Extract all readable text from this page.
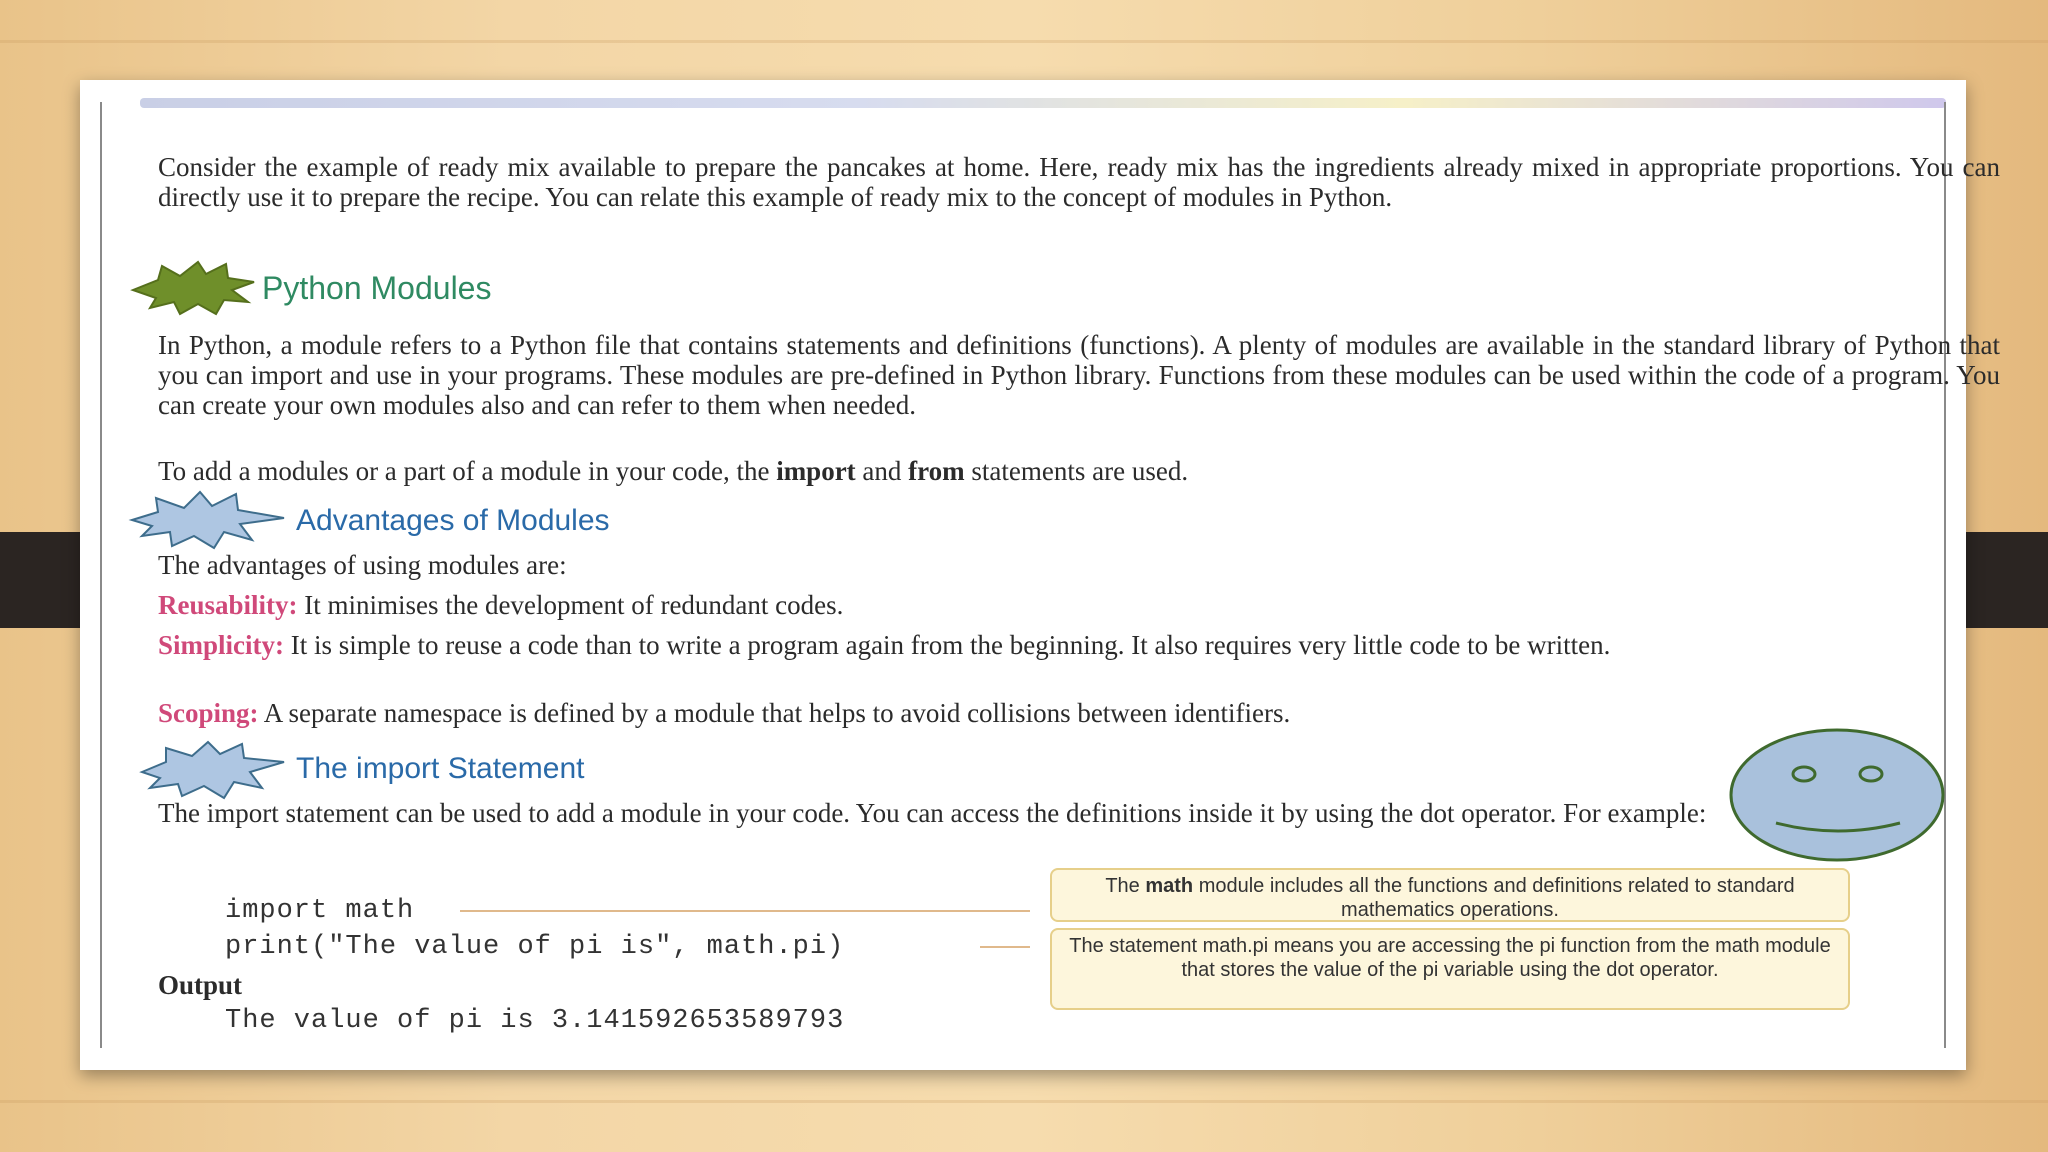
Consider the example of ready mix available to prepare the pancakes at home. Here, ready mix has the ingredients already mixed in appropriate proportions. You can directly use it to prepare the recipe. You can relate this example of ready mix to the concept of modules in Python.
Python Modules
In Python, a module refers to a Python file that contains statements and definitions (functions). A plenty of modules are available in the standard library of Python that you can import and use in your programs. These modules are pre-defined in Python library. Functions from these modules can be used within the code of a program. You can create your own modules also and can refer to them when needed.
To add a modules or a part of a module in your code, the import and from statements are used.
Advantages of Modules
The advantages of using modules are:
Reusability: It minimises the development of redundant codes.
Simplicity: It is simple to reuse a code than to write a program again from the beginning. It also requires very little code to be written.
Scoping: A separate namespace is defined by a module that helps to avoid collisions between identifiers.
The import Statement
The import statement can be used to add a module in your code. You can access the definitions inside it by using the dot operator. For example:
import math
print("The value of pi is", math.pi)
Output
The value of pi is 3.141592653589793
The math module includes all the functions and definitions related to standard mathematics operations.
The statement math.pi means you are accessing the pi function from the math module that stores the value of the pi variable using the dot operator.
